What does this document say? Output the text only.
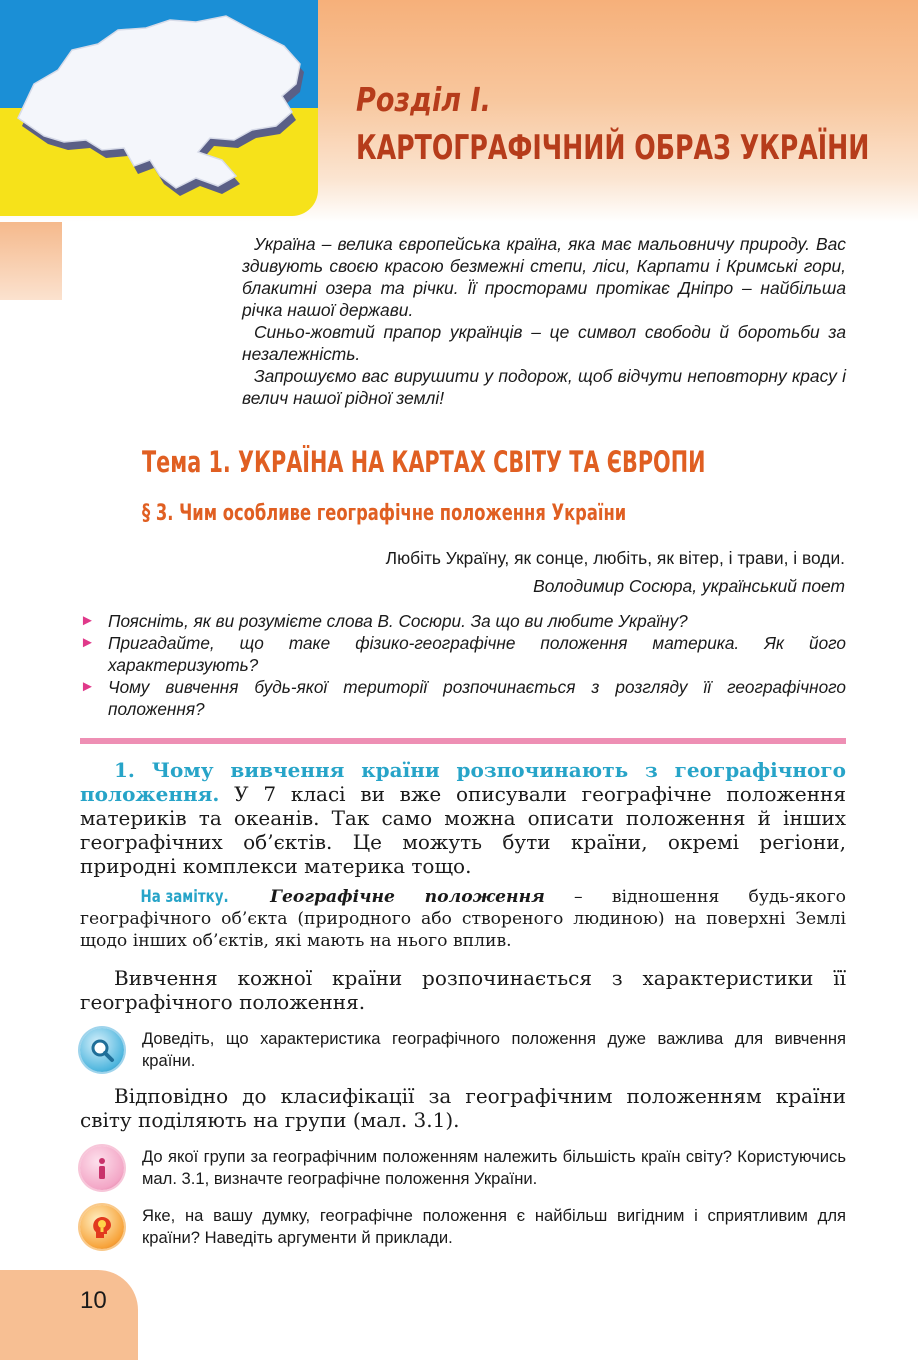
Розділ І.
КАРТОГРАФІЧНИЙ ОБРАЗ УКРАЇНИ

Україна – велика європейська країна, яка має мальовничу природу. Вас здивують своєю красою безмежні степи, ліси, Карпати і Кримські гори, блакитні озера та річки. Її просторами протікає Дніпро – найбільша річка нашої держави.

Синьо-жовтий прапор українців – це символ свободи й боротьби за незалежність.

Запрошуємо вас вирушити у подорож, щоб відчути неповторну красу і велич нашої рідної землі!

Тема 1. УКРАЇНА НА КАРТАХ СВІТУ ТА ЄВРОПИ
§ 3. Чим особливе географічне положення України
Любіть Україну, як сонце, любіть, як вітер, і трави, і води.
Володимир Сосюра, український поет
► Поясніть, як ви розумієте слова В. Сосюри. За що ви любите Україну?
► Пригадайте, що таке фізико-географічне положення материка. Як його характеризують?
► Чому вивчення будь-якої території розпочинається з розгляду її географічного положення?

1. Чому вивчення країни розпочинають з географічного положення. У 7 класі ви вже описували географічне положення материків та океанів. Так само можна описати положення й інших географічних об’єктів. Це можуть бути країни, окремі регіони, природні комплекси материка тощо.

На замітку. Географічне положення – відношення будь-якого географічного об’єкта (природного або створеного людиною) на поверхні Землі щодо інших об’єктів, які мають на нього вплив.

Вивчення кожної країни розпочинається з характеристики її географічного положення.

Доведіть, що характеристика географічного положення дуже важлива для вивчення країни.

Відповідно до класифікації за географічним положенням країни світу поділяють на групи (мал. 3.1).

До якої групи за географічним положенням належить більшість країн світу? Користуючись мал. 3.1, визначте географічне положення України.

Яке, на вашу думку, географічне положення є найбільш вигідним і сприятливим для країни? Наведіть аргументи й приклади.

10
